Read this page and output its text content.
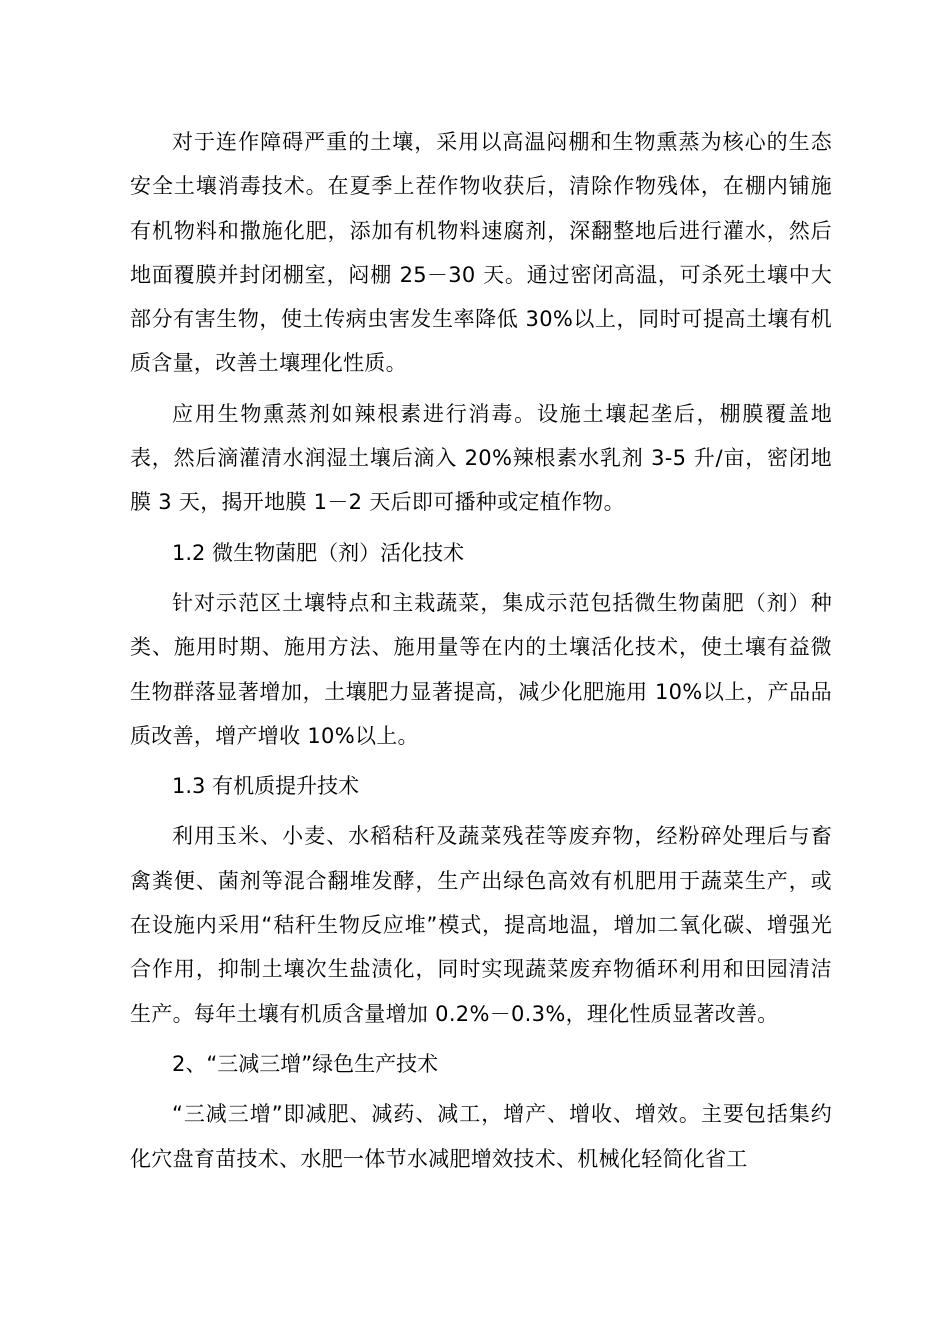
对于连作障碍严重的土壤，采用以高温闷棚和生物熏蒸为核心的生态安全土壤消毒技术。在夏季上茬作物收获后，清除作物残体，在棚内铺施有机物料和撒施化肥，添加有机物料速腐剂，深翻整地后进行灌水，然后地面覆膜并封闭棚室，闷棚 25－30 天。通过密闭高温，可杀死土壤中大部分有害生物，使土传病虫害发生率降低 30%以上，同时可提高土壤有机质含量，改善土壤理化性质。

应用生物熏蒸剂如辣根素进行消毒。设施土壤起垄后，棚膜覆盖地表，然后滴灌清水润湿土壤后滴入 20%辣根素水乳剂 3-5 升/亩，密闭地膜 3 天，揭开地膜 1－2 天后即可播种或定植作物。

1.2 微生物菌肥（剂）活化技术

针对示范区土壤特点和主栽蔬菜，集成示范包括微生物菌肥（剂）种类、施用时期、施用方法、施用量等在内的土壤活化技术，使土壤有益微生物群落显著增加，土壤肥力显著提高，减少化肥施用 10%以上，产品品质改善，增产增收 10%以上。

1.3 有机质提升技术

利用玉米、小麦、水稻秸秆及蔬菜残茬等废弃物，经粉碎处理后与畜禽粪便、菌剂等混合翻堆发酵，生产出绿色高效有机肥用于蔬菜生产，或在设施内采用“秸秆生物反应堆”模式，提高地温，增加二氧化碳、增强光合作用，抑制土壤次生盐渍化，同时实现蔬菜废弃物循环利用和田园清洁生产。每年土壤有机质含量增加 0.2%－0.3%，理化性质显著改善。

2、“三减三增”绿色生产技术

“三减三增”即减肥、减药、减工，增产、增收、增效。主要包括集约化穴盘育苗技术、水肥一体节水减肥增效技术、机械化轻简化省工
